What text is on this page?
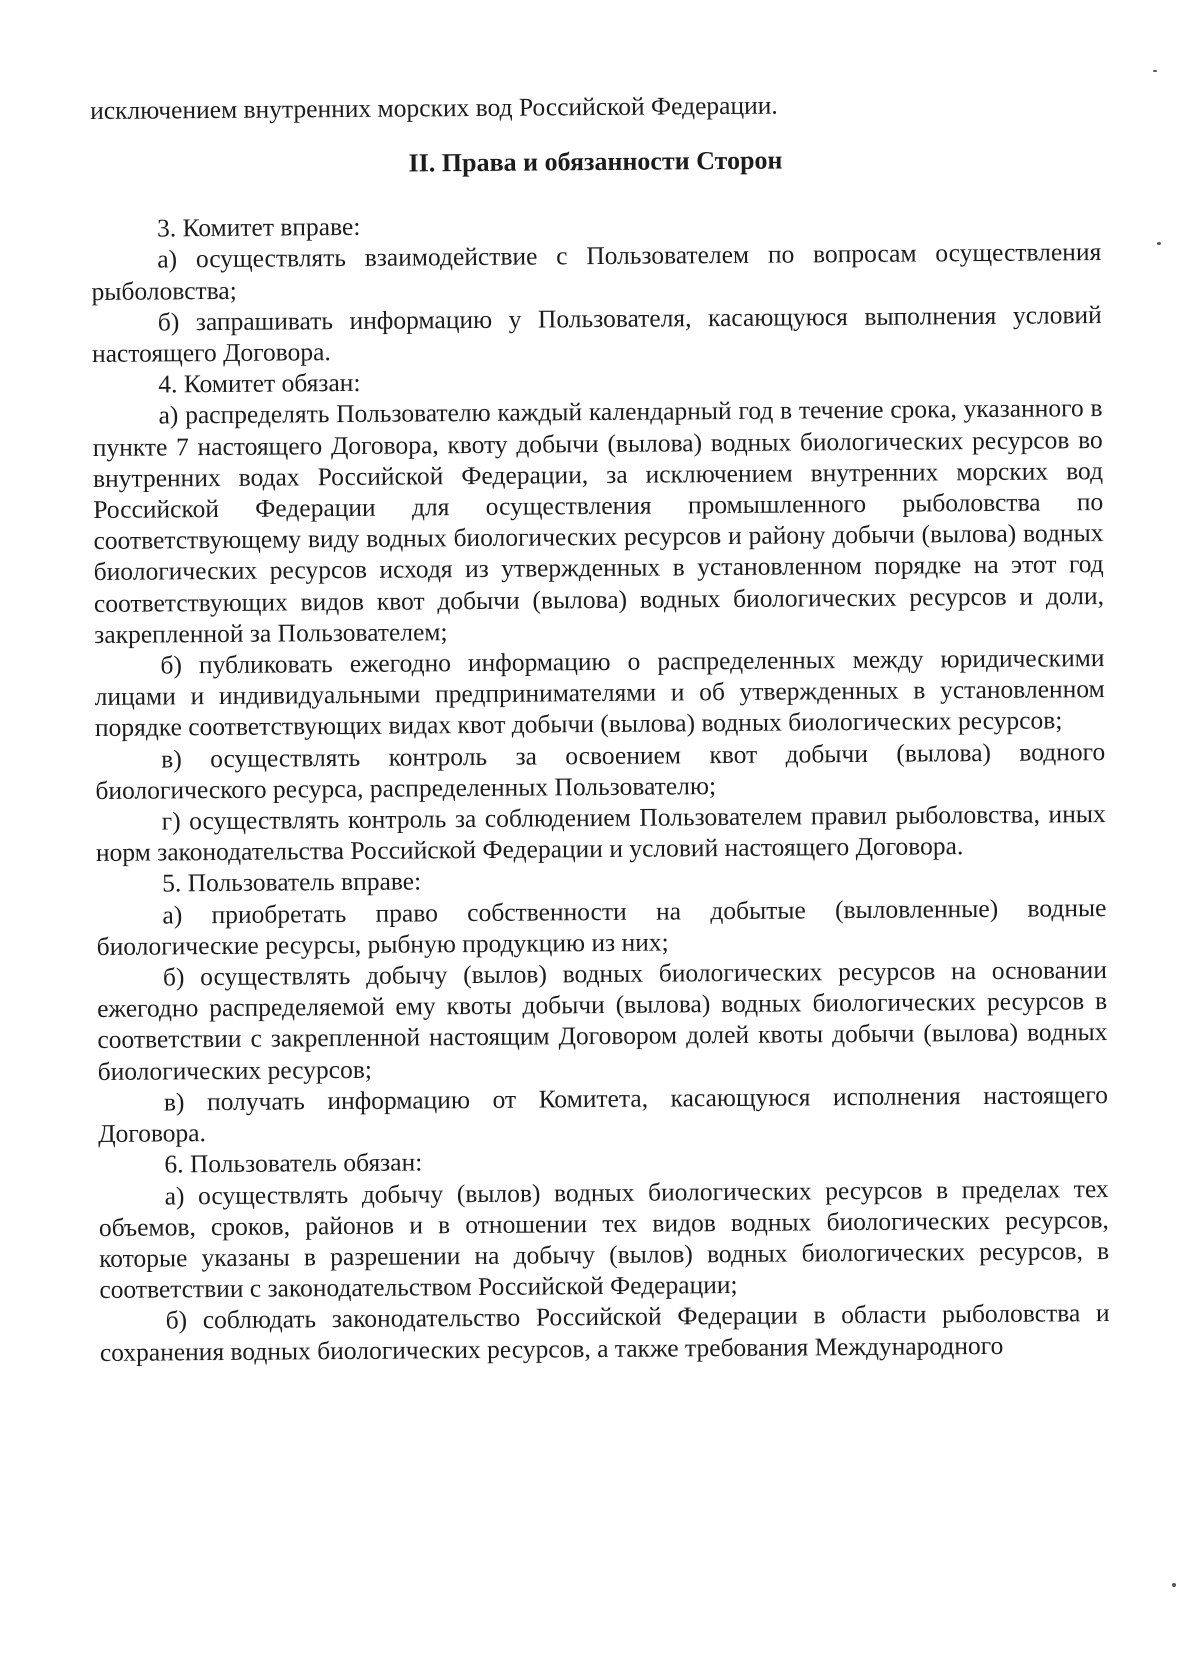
исключением внутренних морских вод Российской Федерации.

II. Права и обязанности Сторон

3. Комитет вправе:

а) осуществлять взаимодействие с Пользователем по вопросам осуществления рыболовства;

б) запрашивать информацию у Пользователя, касающуюся выполнения условий настоящего Договора.

4. Комитет обязан:

а) распределять Пользователю каждый календарный год в течение срока, указанного в пункте 7 настоящего Договора, квоту добычи (вылова) водных биологических ресурсов во внутренних водах Российской Федерации, за исключением внутренних морских вод Российской Федерации для осуществления промышленного рыболовства по соответствующему виду водных биологических ресурсов и району добычи (вылова) водных биологических ресурсов исходя из утвержденных в установленном порядке на этот год соответствующих видов квот добычи (вылова) водных биологических ресурсов и доли, закрепленной за Пользователем;

б) публиковать ежегодно информацию о распределенных между юридическими лицами и индивидуальными предпринимателями и об утвержденных в установленном порядке соответствующих видах квот добычи (вылова) водных биологических ресурсов;

в) осуществлять контроль за освоением квот добычи (вылова) водного биологического ресурса, распределенных Пользователю;

г) осуществлять контроль за соблюдением Пользователем правил рыболовства, иных норм законодательства Российской Федерации и условий настоящего Договора.

5. Пользователь вправе:

а) приобретать право собственности на добытые (выловленные) водные биологические ресурсы, рыбную продукцию из них;

б) осуществлять добычу (вылов) водных биологических ресурсов на основании ежегодно распределяемой ему квоты добычи (вылова) водных биологических ресурсов в соответствии с закрепленной настоящим Договором долей квоты добычи (вылова) водных биологических ресурсов;

в) получать информацию от Комитета, касающуюся исполнения настоящего Договора.

6. Пользователь обязан:

а) осуществлять добычу (вылов) водных биологических ресурсов в пределах тех объемов, сроков, районов и в отношении тех видов водных биологических ресурсов, которые указаны в разрешении на добычу (вылов) водных биологических ресурсов, в соответствии с законодательством Российской Федерации;

б) соблюдать законодательство Российской Федерации в области рыболовства и сохранения водных биологических ресурсов, а также требования Международного
